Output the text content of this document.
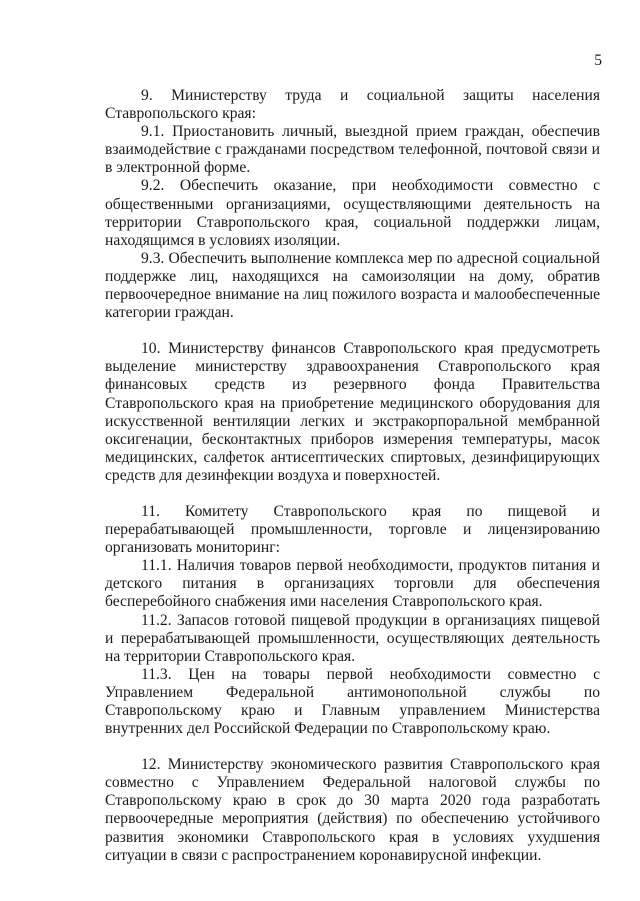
5

9. Министерству труда и социальной защиты населения Ставропольского края:

9.1. Приостановить личный, выездной прием граждан, обеспечив взаимодействие с гражданами посредством телефонной, почтовой связи и в электронной форме.

9.2. Обеспечить оказание, при необходимости совместно с общественными организациями, осуществляющими деятельность на территории Ставропольского края, социальной поддержки лицам, находящимся в условиях изоляции.

9.3. Обеспечить выполнение комплекса мер по адресной социальной поддержке лиц, находящихся на самоизоляции на дому, обратив первоочередное внимание на лиц пожилого возраста и малообеспеченные категории граждан.

10. Министерству финансов Ставропольского края предусмотреть выделение министерству здравоохранения Ставропольского края финансовых средств из резервного фонда Правительства Ставропольского края на приобретение медицинского оборудования для искусственной вентиляции легких и экстракорпоральной мембранной оксигенации, бесконтактных приборов измерения температуры, масок медицинских, салфеток антисептических спиртовых, дезинфицирующих средств для дезинфекции воздуха и поверхностей.

11. Комитету Ставропольского края по пищевой и перерабатывающей промышленности, торговле и лицензированию организовать мониторинг:

11.1. Наличия товаров первой необходимости, продуктов питания и детского питания в организациях торговли для обеспечения бесперебойного снабжения ими населения Ставропольского края.

11.2. Запасов готовой пищевой продукции в организациях пищевой и перерабатывающей промышленности, осуществляющих деятельность на территории Ставропольского края.

11.3. Цен на товары первой необходимости совместно с Управлением Федеральной антимонопольной службы по Ставропольскому краю и Главным управлением Министерства внутренних дел Российской Федерации по Ставропольскому краю.

12. Министерству экономического развития Ставропольского края совместно с Управлением Федеральной налоговой службы по Ставропольскому краю в срок до 30 марта 2020 года разработать первоочередные мероприятия (действия) по обеспечению устойчивого развития экономики Ставропольского края в условиях ухудшения ситуации в связи с распространением коронавирусной инфекции.
